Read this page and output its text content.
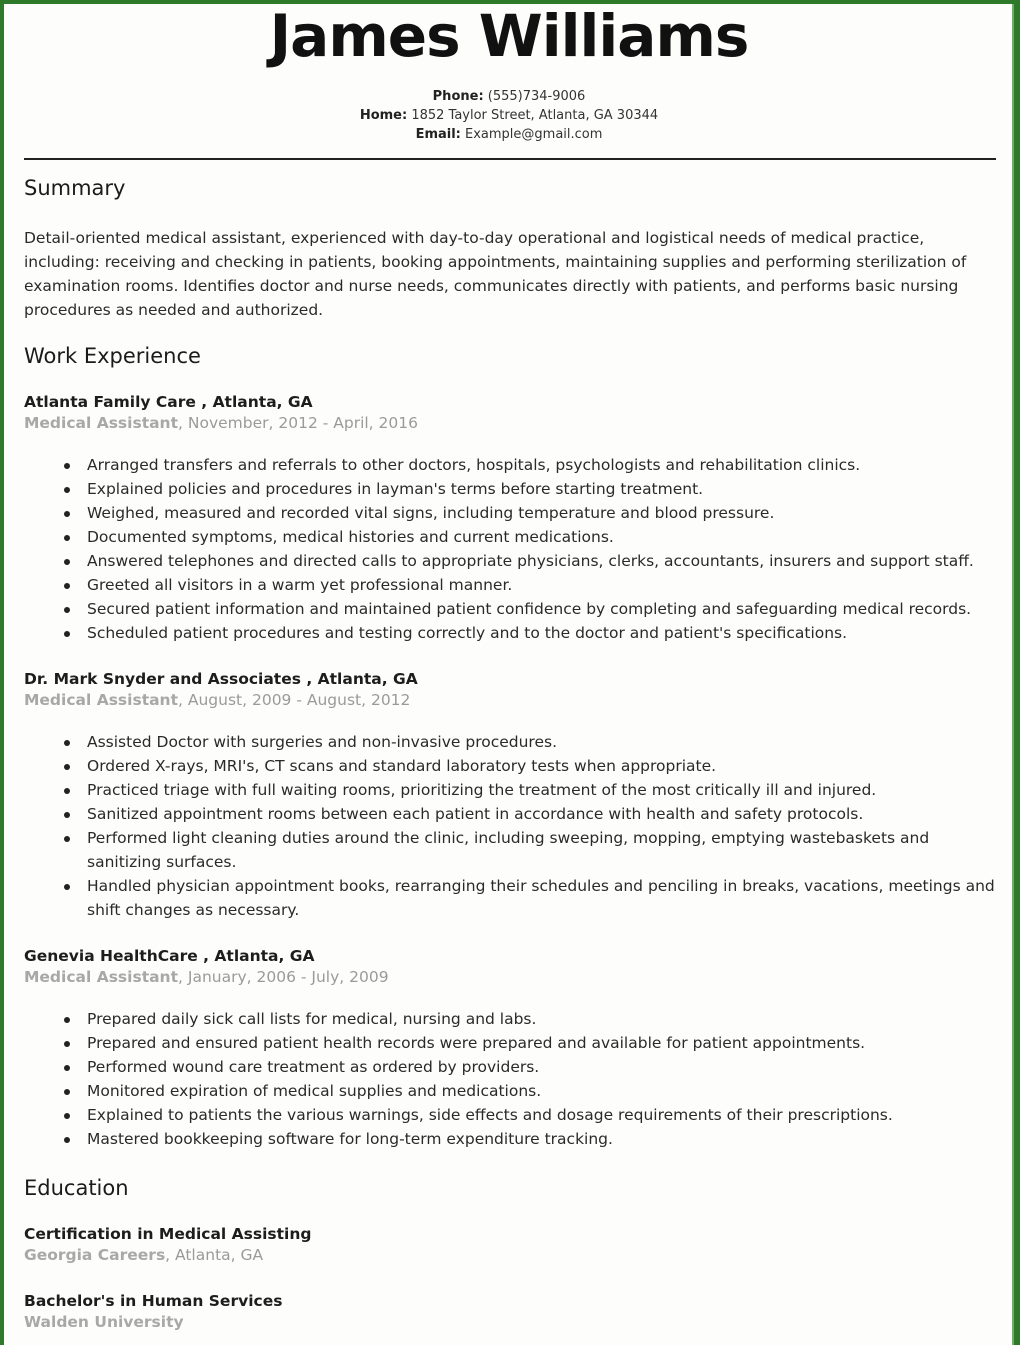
James Williams
Phone: (555)734-9006
Home: 1852 Taylor Street, Atlanta, GA 30344
Email: Example@gmail.com
Summary
Detail-oriented medical assistant, experienced with day-to-day operational and logistical needs of medical practice, including: receiving and checking in patients, booking appointments, maintaining supplies and performing sterilization of examination rooms. Identifies doctor and nurse needs, communicates directly with patients, and performs basic nursing procedures as needed and authorized.
Work Experience
Atlanta Family Care , Atlanta, GA
Medical Assistant, November, 2012 - April, 2016
Arranged transfers and referrals to other doctors, hospitals, psychologists and rehabilitation clinics.
Explained policies and procedures in layman's terms before starting treatment.
Weighed, measured and recorded vital signs, including temperature and blood pressure.
Documented symptoms, medical histories and current medications.
Answered telephones and directed calls to appropriate physicians, clerks, accountants, insurers and support staff.
Greeted all visitors in a warm yet professional manner.
Secured patient information and maintained patient confidence by completing and safeguarding medical records.
Scheduled patient procedures and testing correctly and to the doctor and patient's specifications.
Dr. Mark Snyder and Associates , Atlanta, GA
Medical Assistant, August, 2009 - August, 2012
Assisted Doctor with surgeries and non-invasive procedures.
Ordered X-rays, MRI's, CT scans and standard laboratory tests when appropriate.
Practiced triage with full waiting rooms, prioritizing the treatment of the most critically ill and injured.
Sanitized appointment rooms between each patient in accordance with health and safety protocols.
Performed light cleaning duties around the clinic, including sweeping, mopping, emptying wastebaskets and sanitizing surfaces.
Handled physician appointment books, rearranging their schedules and penciling in breaks, vacations, meetings and shift changes as necessary.
Genevia HealthCare , Atlanta, GA
Medical Assistant, January, 2006 - July, 2009
Prepared daily sick call lists for medical, nursing and labs.
Prepared and ensured patient health records were prepared and available for patient appointments.
Performed wound care treatment as ordered by providers.
Monitored expiration of medical supplies and medications.
Explained to patients the various warnings, side effects and dosage requirements of their prescriptions.
Mastered bookkeeping software for long-term expenditure tracking.
Education
Certification in Medical Assisting
Georgia Careers, Atlanta, GA
Bachelor's in Human Services
Walden University
